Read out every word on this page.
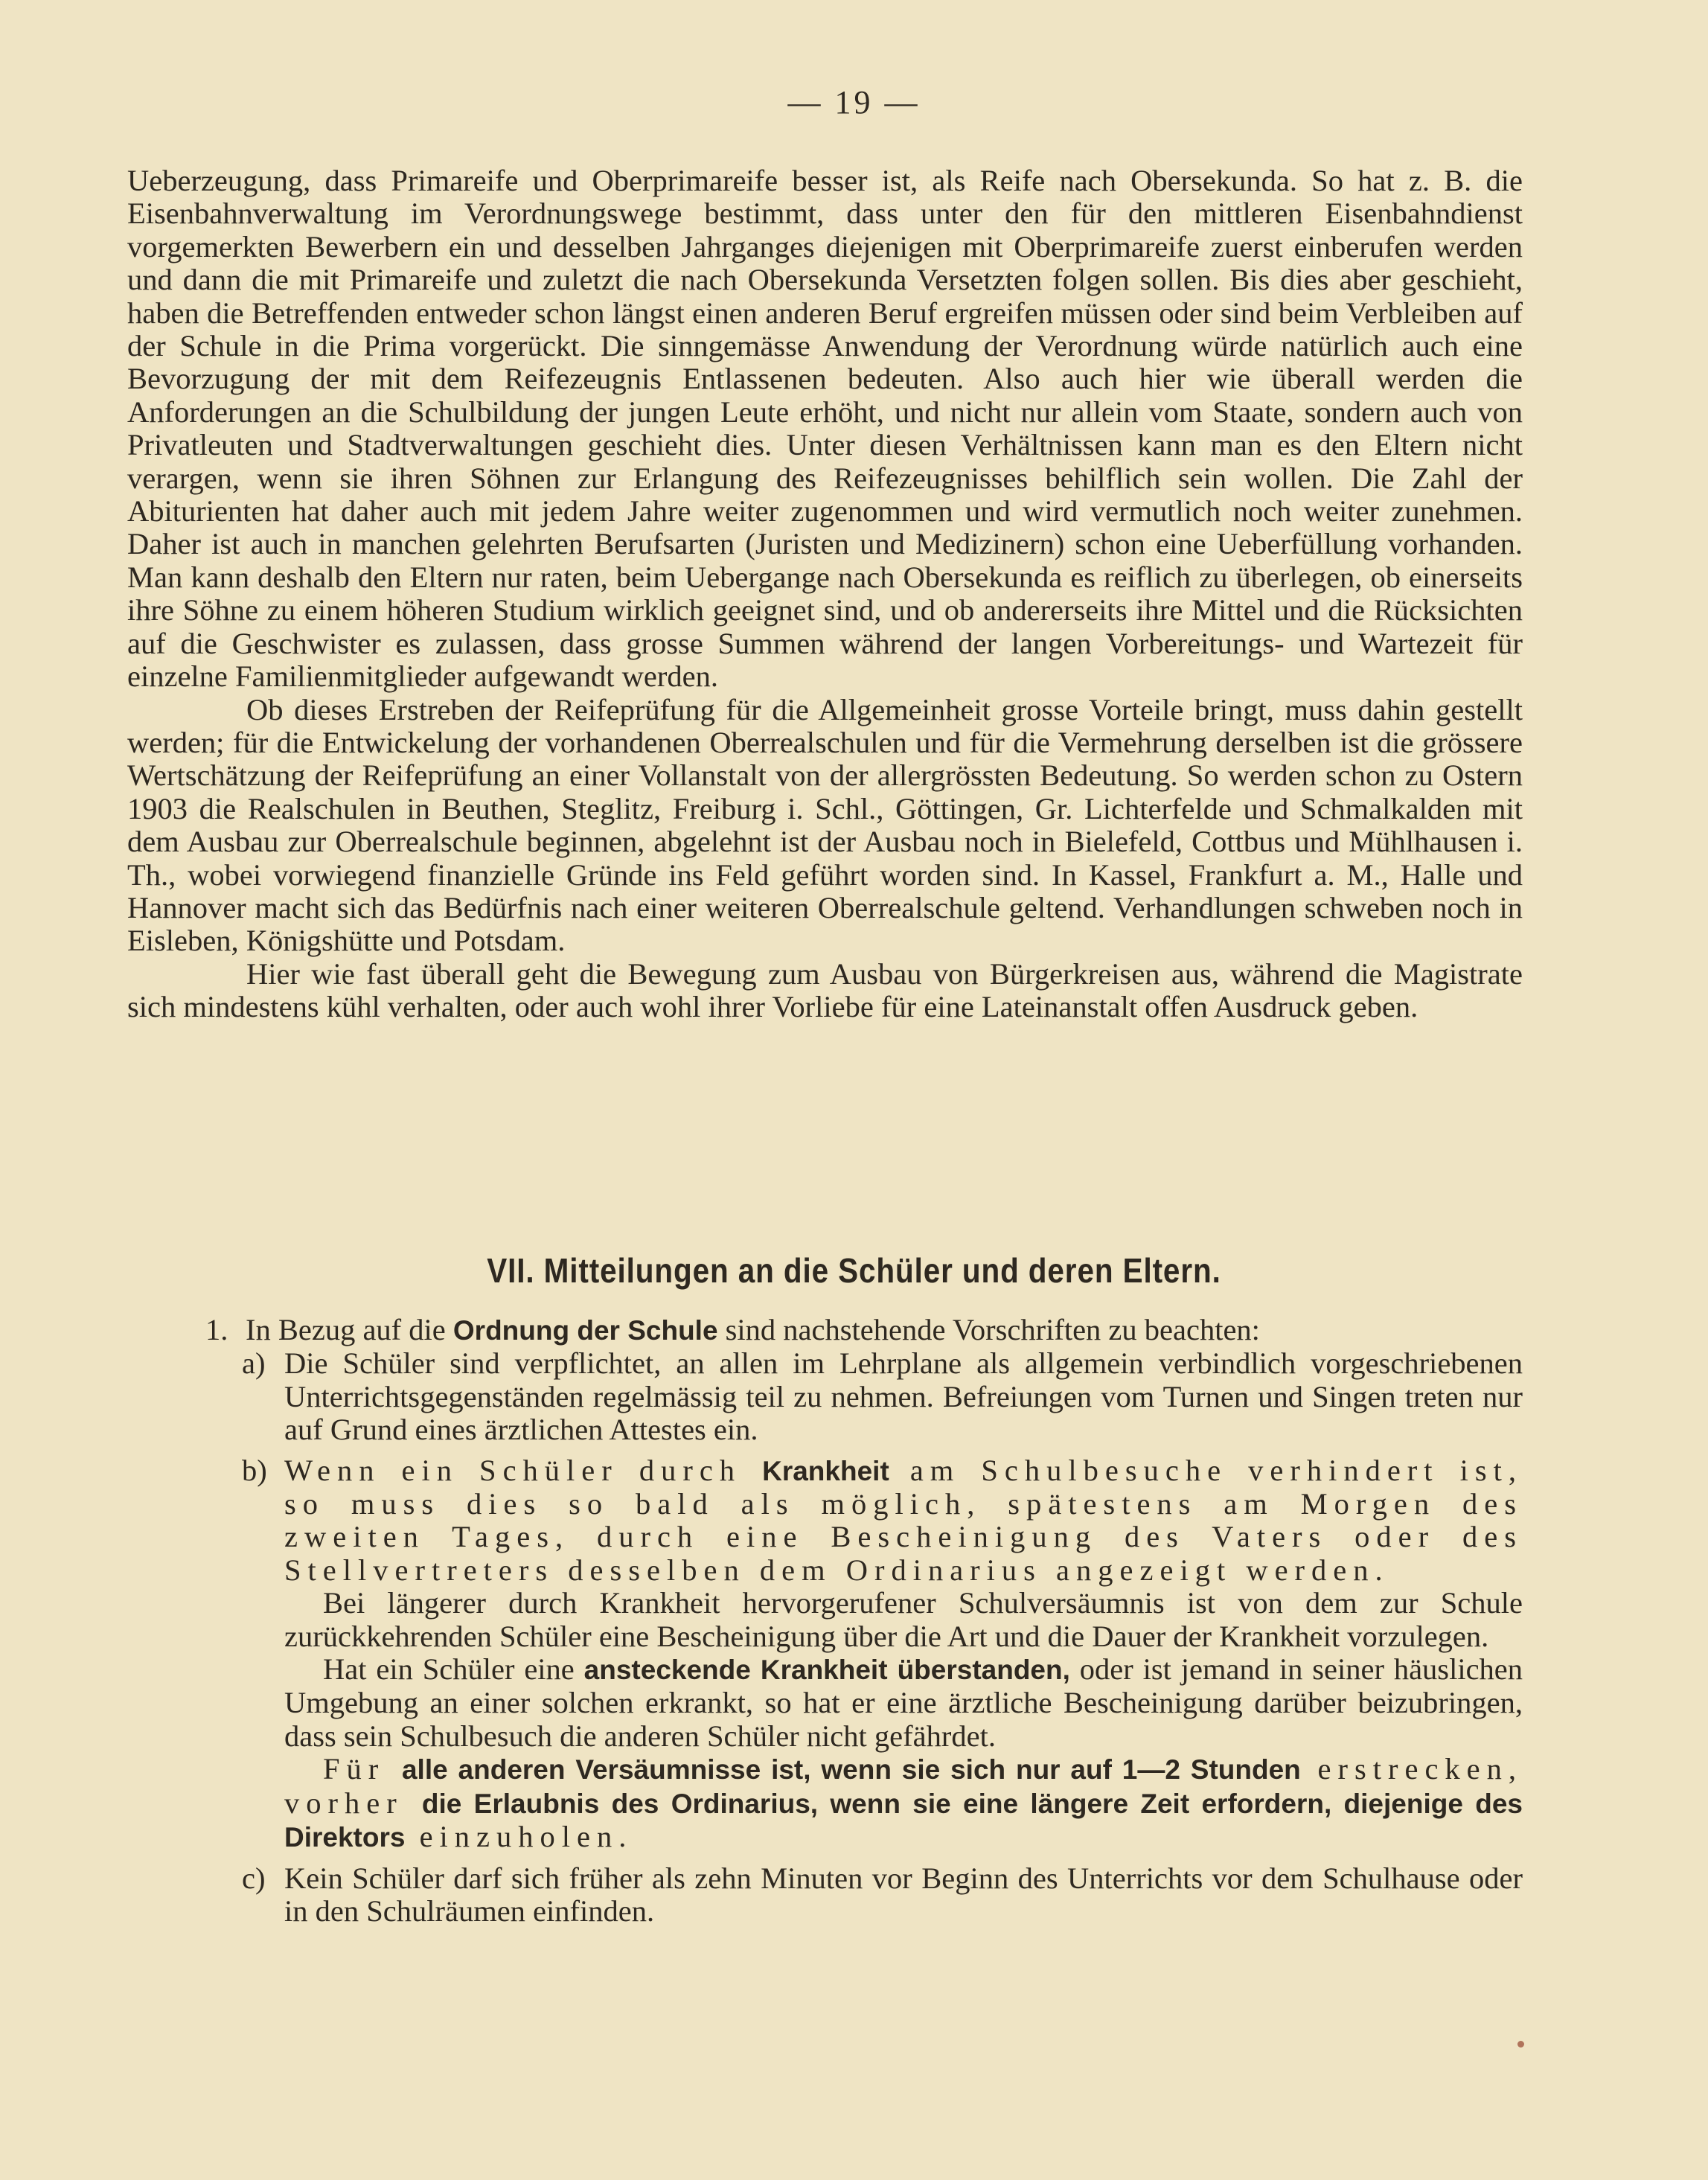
— 19 —

Ueberzeugung, dass Primareife und Oberprimareife besser ist, als Reife nach Obersekunda. So hat z. B. die Eisenbahnverwaltung im Verordnungswege bestimmt, dass unter den für den mittleren Eisenbahndienst vorgemerkten Bewerbern ein und desselben Jahrganges diejenigen mit Oberprimareife zuerst einberufen werden und dann die mit Primareife und zuletzt die nach Obersekunda Versetzten folgen sollen. Bis dies aber geschieht, haben die Betreffenden entweder schon längst einen anderen Beruf ergreifen müssen oder sind beim Verbleiben auf der Schule in die Prima vorgerückt. Die sinngemässe Anwendung der Verordnung würde natürlich auch eine Bevorzugung der mit dem Reifezeugnis Entlassenen bedeuten. Also auch hier wie überall werden die Anforderungen an die Schulbildung der jungen Leute erhöht, und nicht nur allein vom Staate, sondern auch von Privatleuten und Stadtverwaltungen geschieht dies. Unter diesen Verhältnissen kann man es den Eltern nicht verargen, wenn sie ihren Söhnen zur Erlangung des Reifezeugnisses behilflich sein wollen. Die Zahl der Abiturienten hat daher auch mit jedem Jahre weiter zugenommen und wird vermutlich noch weiter zunehmen. Daher ist auch in manchen gelehrten Berufsarten (Juristen und Medizinern) schon eine Ueberfüllung vorhanden. Man kann deshalb den Eltern nur raten, beim Uebergange nach Obersekunda es reiflich zu überlegen, ob einerseits ihre Söhne zu einem höheren Studium wirklich geeignet sind, und ob andererseits ihre Mittel und die Rücksichten auf die Geschwister es zulassen, dass grosse Summen während der langen Vorbereitungs- und Wartezeit für einzelne Familienmitglieder aufgewandt werden.

Ob dieses Erstreben der Reifeprüfung für die Allgemeinheit grosse Vorteile bringt, muss dahin gestellt werden; für die Entwickelung der vorhandenen Oberrealschulen und für die Vermehrung derselben ist die grössere Wertschätzung der Reifeprüfung an einer Vollanstalt von der allergrössten Bedeutung. So werden schon zu Ostern 1903 die Realschulen in Beuthen, Steglitz, Freiburg i. Schl., Göttingen, Gr. Lichterfelde und Schmalkalden mit dem Ausbau zur Oberrealschule beginnen, abgelehnt ist der Ausbau noch in Bielefeld, Cottbus und Mühlhausen i. Th., wobei vorwiegend finanzielle Gründe ins Feld geführt worden sind. In Kassel, Frankfurt a. M., Halle und Hannover macht sich das Bedürfnis nach einer weiteren Oberrealschule geltend. Verhandlungen schweben noch in Eisleben, Königshütte und Potsdam.

Hier wie fast überall geht die Bewegung zum Ausbau von Bürgerkreisen aus, während die Magistrate sich mindestens kühl verhalten, oder auch wohl ihrer Vorliebe für eine Lateinanstalt offen Ausdruck geben.

VII. Mitteilungen an die Schüler und deren Eltern.
1. In Bezug auf die Ordnung der Schule sind nachstehende Vorschriften zu beachten:
a) Die Schüler sind verpflichtet, an allen im Lehrplane als allgemein verbindlich vorgeschriebenen Unterrichtsgegenständen regelmässig teil zu nehmen. Befreiungen vom Turnen und Singen treten nur auf Grund eines ärztlichen Attestes ein.

b) Wenn ein Schüler durch Krankheit am Schulbesuche verhindert ist, so muss dies so bald als möglich, spätestens am Morgen des zweiten Tages, durch eine Bescheinigung des Vaters oder des Stellvertreters desselben dem Ordinarius angezeigt werden.

Bei längerer durch Krankheit hervorgerufener Schulversäumnis ist von dem zur Schule zurückkehrenden Schüler eine Bescheinigung über die Art und die Dauer der Krankheit vorzulegen.

Hat ein Schüler eine ansteckende Krankheit überstanden, oder ist jemand in seiner häuslichen Umgebung an einer solchen erkrankt, so hat er eine ärztliche Bescheinigung darüber beizubringen, dass sein Schulbesuch die anderen Schüler nicht gefährdet.

Für alle anderen Versäumnisse ist, wenn sie sich nur auf 1—2 Stunden erstrecken, vorher die Erlaubnis des Ordinarius, wenn sie eine längere Zeit erfordern, diejenige des Direktors einzuholen.

c) Kein Schüler darf sich früher als zehn Minuten vor Beginn des Unterrichts vor dem Schulhause oder in den Schulräumen einfinden.
